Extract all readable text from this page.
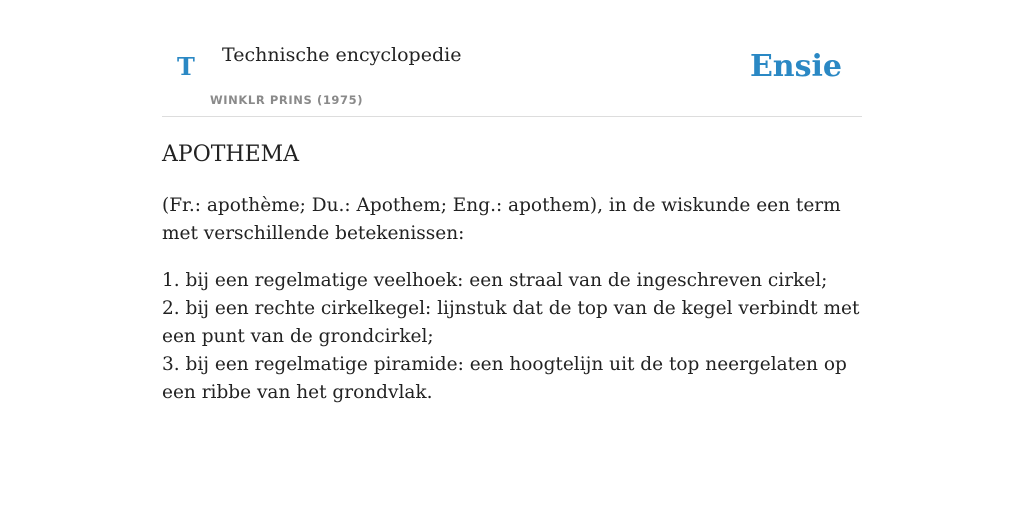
T Technische encyclopedie
WINKLR PRINS (1975)
Ensie
APOTHEMA

(Fr.: apothème; Du.: Apothem; Eng.: apothem), in de wiskunde een term met verschillende betekenissen:

1. bij een regelmatige veelhoek: een straal van de ingeschreven cirkel;
2. bij een rechte cirkelkegel: lijnstuk dat de top van de kegel verbindt met een punt van de grondcirkel;
3. bij een regelmatige piramide: een hoogtelijn uit de top neergelaten op een ribbe van het grondvlak.
